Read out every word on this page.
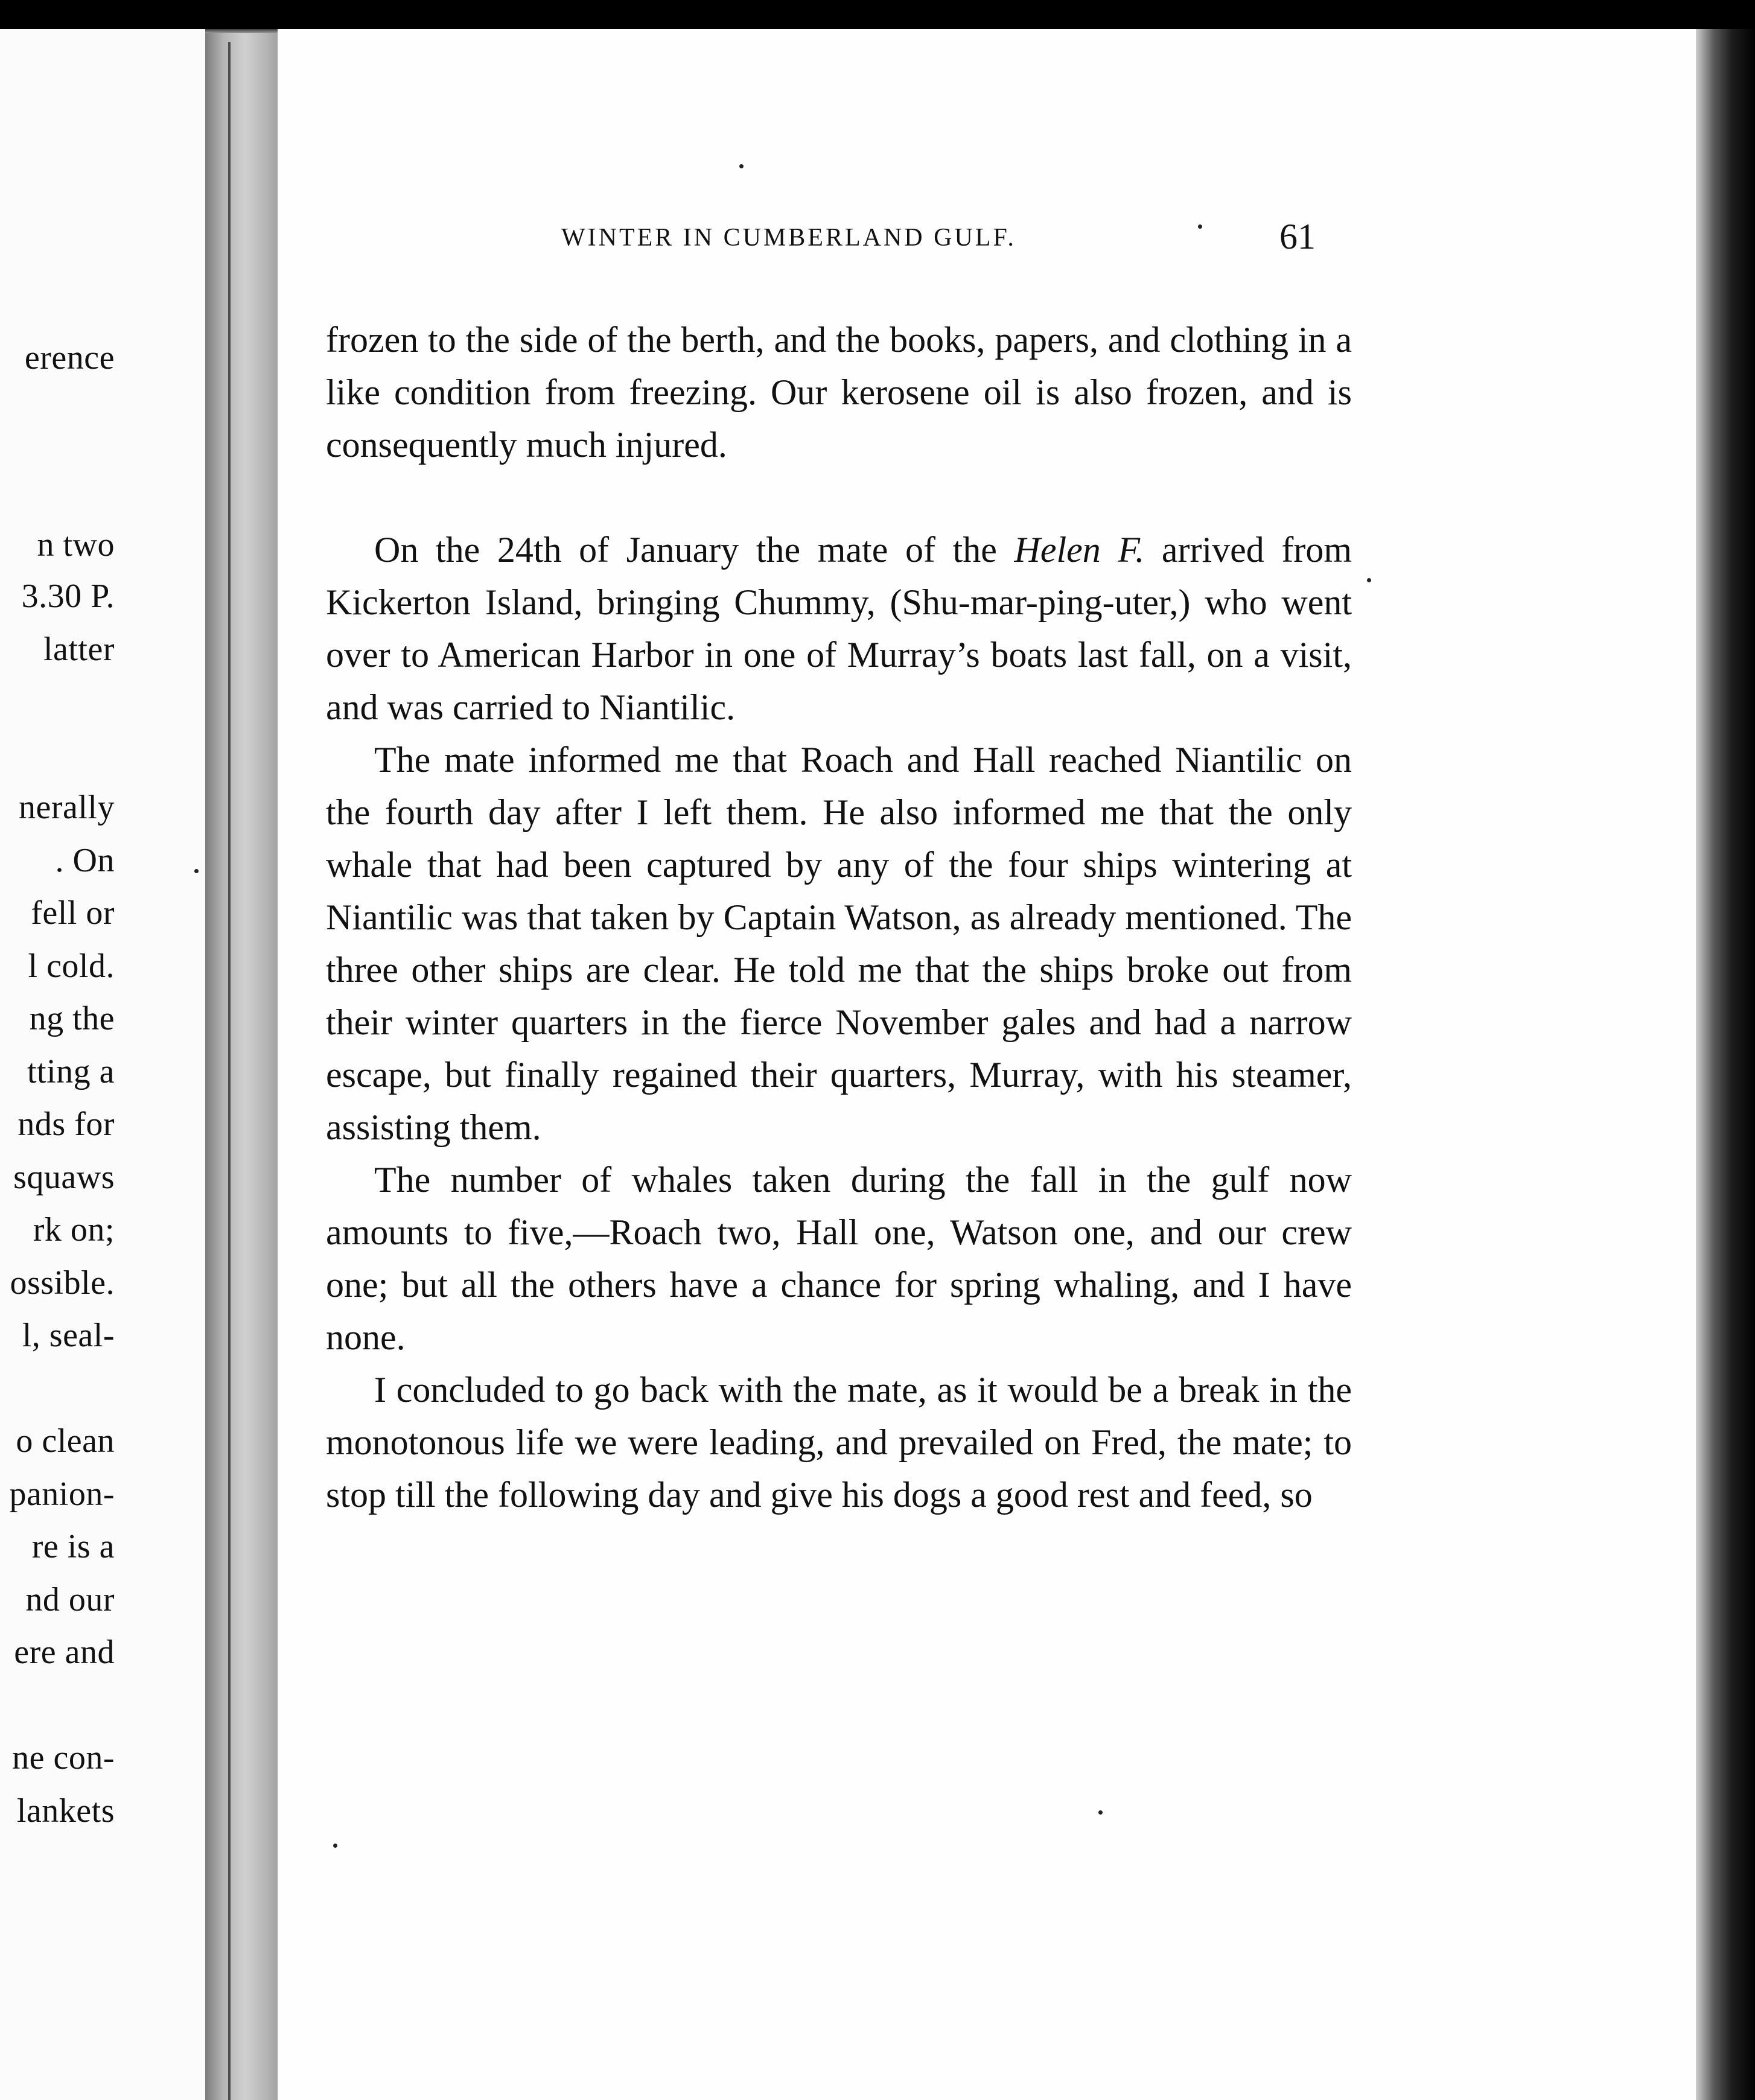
erence
n two
3.30 P.
latter
nerally
. On
fell or
l cold.
ng the
tting a
nds for
squaws
rk on;
ossible.
l, seal-
o clean
panion-
re is a
nd our
ere and
ne con-
lankets
WINTER IN CUMBERLAND GULF.	61

frozen to the side of the berth, and the books, papers, and clothing in a like condition from freezing. Our kerosene oil is also frozen, and is consequently much injured.

On the 24th of January the mate of the Helen F. arrived from Kickerton Island, bringing Chummy, (Shu-mar-ping-uter,) who went over to American Harbor in one of Murray’s boats last fall, on a visit, and was carried to Niantilic.

The mate informed me that Roach and Hall reached Niantilic on the fourth day after I left them. He also informed me that the only whale that had been captured by any of the four ships wintering at Niantilic was that taken by Captain Watson, as already mentioned. The three other ships are clear. He told me that the ships broke out from their winter quarters in the fierce November gales and had a narrow escape, but finally regained their quarters, Murray, with his steamer, assisting them.

The number of whales taken during the fall in the gulf now amounts to five,—Roach two, Hall one, Watson one, and our crew one; but all the others have a chance for spring whaling, and I have none.

I concluded to go back with the mate, as it would be a break in the monotonous life we were leading, and prevailed on Fred, the mate; to stop till the following day and give his dogs a good rest and feed, so
